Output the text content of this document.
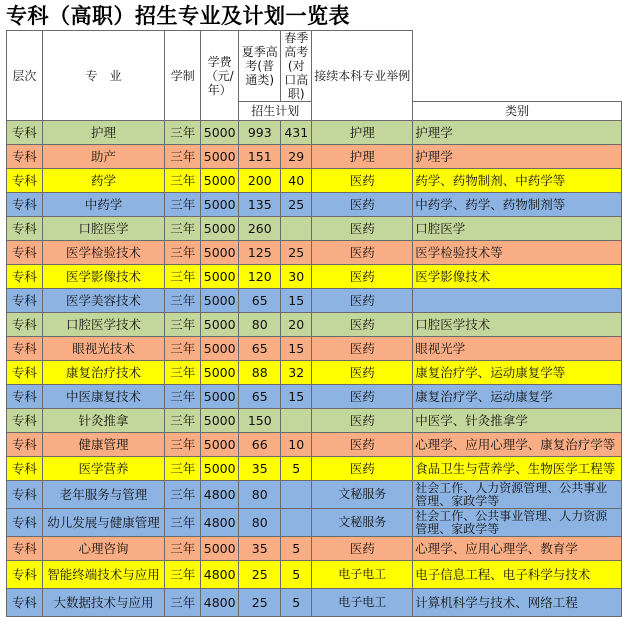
专科（高职）招生专业及计划一览表
层次	专　业	学制	学费（元/年）	夏季高考(普通类)	春季高考(对口高职)	接续本科专业举例	
				招生计划			类别
专科	护理	三年	5000	993	431	护理	护理学
专科	助产	三年	5000	151	29	护理	护理学
专科	药学	三年	5000	200	40	医药	药学、药物制剂、中药学等
专科	中药学	三年	5000	135	25	医药	中药学、药学、药物制剂等
专科	口腔医学	三年	5000	260		医药	口腔医学
专科	医学检验技术	三年	5000	125	25	医药	医学检验技术等
专科	医学影像技术	三年	5000	120	30	医药	医学影像技术
专科	医学美容技术	三年	5000	65	15	医药	
专科	口腔医学技术	三年	5000	80	20	医药	口腔医学技术
专科	眼视光技术	三年	5000	65	15	医药	眼视光学
专科	康复治疗技术	三年	5000	88	32	医药	康复治疗学、运动康复学等
专科	中医康复技术	三年	5000	65	15	医药	康复治疗学、运动康复学
专科	针灸推拿	三年	5000	150		医药	中医学、针灸推拿学
专科	健康管理	三年	5000	66	10	医药	心理学、应用心理学、康复治疗学等
专科	医学营养	三年	5000	35	5	医药	食品卫生与营养学、生物医学工程等
专科	老年服务与管理	三年	4800	80		文秘服务	社会工作、人力资源管理、公共事业管理、家政学等
专科	幼儿发展与健康管理	三年	4800	80		文秘服务	社会工作、公共事业管理、人力资源管理、家政学等
专科	心理咨询	三年	5000	35	5	医药	心理学、应用心理学、教育学
专科	智能终端技术与应用	三年	4800	25	5	电子电工	电子信息工程、电子科学与技术
专科	大数据技术与应用	三年	4800	25	5	电子电工	计算机科学与技术、网络工程
